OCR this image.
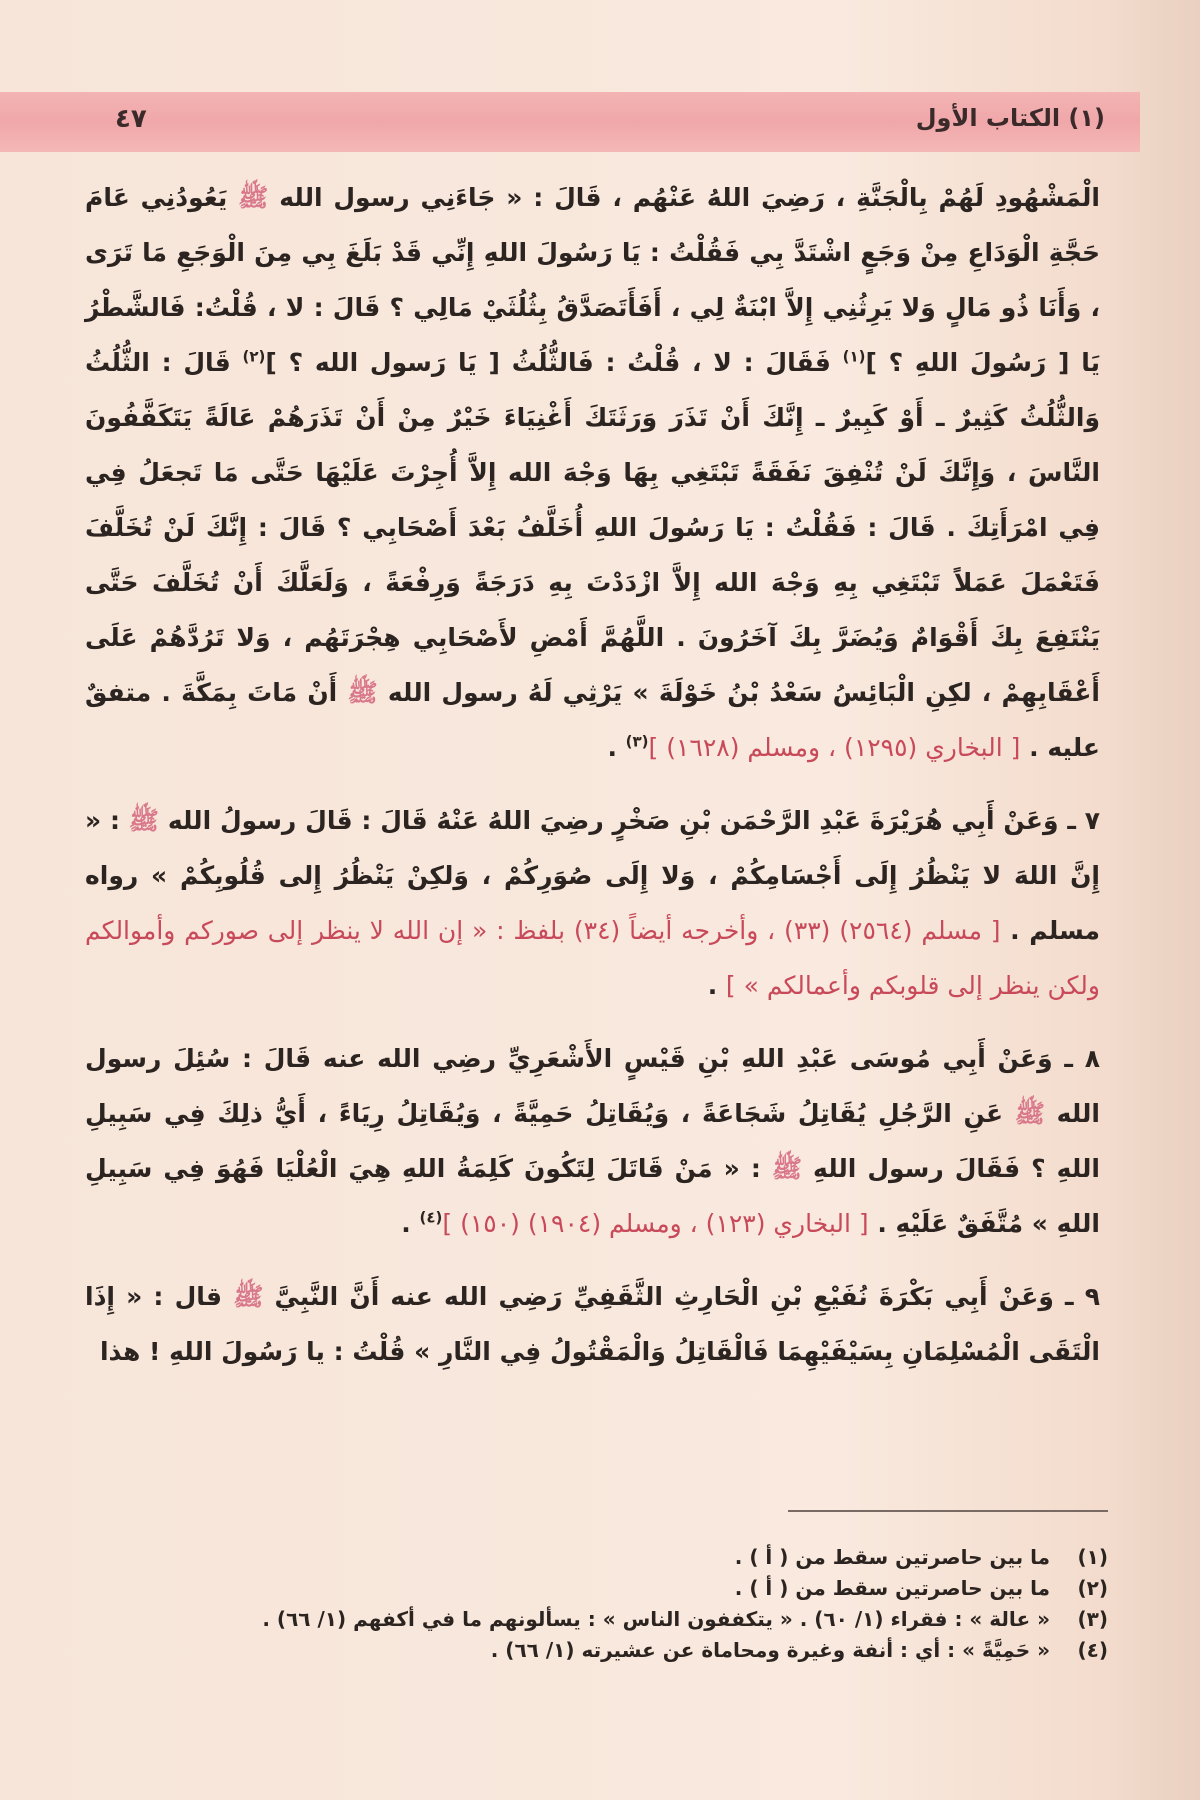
(١) الكتاب الأول
٤٧

الْمَشْهُودِ لَهُمْ بِالْجَنَّةِ ، رَضِيَ اللهُ عَنْهُم ، قَالَ : « جَاءَنِي رسول الله ﷺ يَعُودُنِي عَامَ حَجَّةِ الْوَدَاعِ مِنْ وَجَعٍ اشْتَدَّ بِي فَقُلْتُ : يَا رَسُولَ اللهِ إِنِّي قَدْ بَلَغَ بِي مِنَ الْوَجَعِ مَا تَرَى ، وَأَنَا ذُو مَالٍ وَلا يَرِثُنِي إِلاَّ ابْنَةٌ لِي ، أَفَأَتَصَدَّقُ بِثُلُثَيْ مَالِي ؟ قَالَ : لا ، قُلْتُ: فَالشَّطْرُ يَا [ رَسُولَ اللهِ ؟ ]$^{(١)}$ فَقَالَ : لا ، قُلْتُ : فَالثُّلُثُ [ يَا رَسول الله ؟ ]$^{(٢)}$ قَالَ : الثُّلُثُ وَالثُّلُثُ كَثِيرٌ ـ أَوْ كَبِيرٌ ـ إِنَّكَ أَنْ تَذَرَ وَرَثَتَكَ أَغْنِيَاءَ خَيْرٌ مِنْ أَنْ تَذَرَهُمْ عَالَةً يَتَكَفَّفُونَ النَّاسَ ، وَإِنَّكَ لَنْ تُنْفِقَ نَفَقَةً تَبْتَغِي بِهَا وَجْهَ الله إِلاَّ أُجِرْتَ عَلَيْهَا حَتَّى مَا تَجعَلُ فِي فِي امْرَأَتِكَ . قَالَ : فَقُلْتُ : يَا رَسُولَ اللهِ أُخَلَّفُ بَعْدَ أَصْحَابِي ؟ قَالَ : إِنَّكَ لَنْ تُخَلَّفَ فَتَعْمَلَ عَمَلاً تَبْتَغِي بِهِ وَجْهَ الله إِلاَّ ازْدَدْتَ بِهِ دَرَجَةً وَرِفْعَةً ، وَلَعَلَّكَ أَنْ تُخَلَّفَ حَتَّى يَنْتَفِعَ بِكَ أَقْوَامٌ وَيُضَرَّ بِكَ آخَرُونَ . اللَّهُمَّ أَمْضِ لأَصْحَابِي هِجْرَتَهُم ، وَلا تَرُدَّهُمْ عَلَى أَعْقَابِهِمْ ، لكِنِ الْبَائِسُ سَعْدُ بْنُ خَوْلَةَ » يَرْثِي لَهُ رسول الله ﷺ أَنْ مَاتَ بِمَكَّةَ . متفقٌ عليه . [ البخاري (١٢٩٥) ، ومسلم (١٦٢٨) ]$^{(٣)}$ .

٧ ـ وَعَنْ أَبِي هُرَيْرَةَ عَبْدِ الرَّحْمَن بْنِ صَخْرٍ رضِيَ اللهُ عَنْهُ قَالَ : قَالَ رسولُ الله ﷺ : « إِنَّ اللهَ لا يَنْظُرُ إِلَى أَجْسَامِكُمْ ، وَلا إِلَى صُوَرِكُمْ ، وَلكِنْ يَنْظُرُ إِلى قُلُوبِكُمْ » رواه مسلم . [ مسلم (٢٥٦٤) (٣٣) ، وأخرجه أيضاً (٣٤) بلفظ : « إن الله لا ينظر إلى صوركم وأموالكم ولكن ينظر إلى قلوبكم وأعمالكم » ] .

٨ ـ وَعَنْ أَبِي مُوسَى عَبْدِ اللهِ بْنِ قَيْسٍ الأَشْعَرِيِّ رضِي الله عنه قَالَ : سُئِلَ رسول الله ﷺ عَنِ الرَّجُلِ يُقَاتِلُ شَجَاعَةً ، وَيُقَاتِلُ حَمِيَّةً ، وَيُقَاتِلُ رِيَاءً ، أَيُّ ذلِكَ فِي سَبِيلِ اللهِ ؟ فَقَالَ رسول اللهِ ﷺ : « مَنْ قَاتَلَ لِتَكُونَ كَلِمَةُ اللهِ هِيَ الْعُلْيَا فَهُوَ فِي سَبِيلِ اللهِ » مُتَّفَقٌ عَلَيْهِ . [ البخاري (١٢٣) ، ومسلم (١٩٠٤) (١٥٠) ]$^{(٤)}$ .

٩ ـ وَعَنْ أَبِي بَكْرَةَ نُفَيْعِ بْنِ الْحَارِثِ الثَّقَفِيِّ رَضِي الله عنه أَنَّ النَّبِيَّ ﷺ قال : « إِذَا الْتَقَى الْمُسْلِمَانِ بِسَيْفَيْهِمَا فَالْقَاتِلُ وَالْمَقْتُولُ فِي النَّارِ » قُلْتُ : يا رَسُولَ اللهِ ! هذا

(١)
ما بين حاصرتين سقط من ( أ ) .
(٢)
ما بين حاصرتين سقط من ( أ ) .
(٣)
« عالة » : فقراء (١/ ٦٠) . « يتكففون الناس » : يسألونهم ما في أكفهم (١/ ٦٦) .
(٤)
« حَمِيَّةً » : أي : أنفة وغيرة ومحاماة عن عشيرته (١/ ٦٦) .
